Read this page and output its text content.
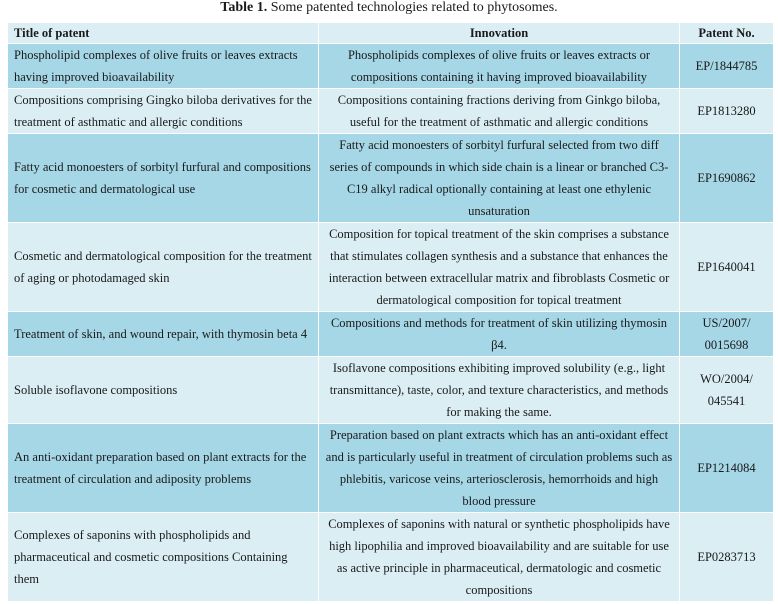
Table 1. Some patented technologies related to phytosomes.
Title of patent	Innovation	Patent No.
Phospholipid complexes of olive fruits or leaves extracts having improved bioavailability	Phospholipids complexes of olive fruits or leaves extracts or compositions containing it having improved bioavailability	EP/1844785
Compositions comprising Gingko biloba derivatives for the treatment of asthmatic and allergic conditions	Compositions containing fractions deriving from Ginkgo biloba, useful for the treatment of asthmatic and allergic conditions	EP1813280
Fatty acid monoesters of sorbityl furfural and compositions for cosmetic and dermatological use	Fatty acid monoesters of sorbityl furfural selected from two diff series of compounds in which side chain is a linear or branched C3-C19 alkyl radical optionally containing at least one ethylenic unsaturation	EP1690862
Cosmetic and dermatological composition for the treatment of aging or photodamaged skin	Composition for topical treatment of the skin comprises a substance that stimulates collagen synthesis and a substance that enhances the interaction between extracellular matrix and fibroblasts Cosmetic or dermatological composition for topical treatment	EP1640041
Treatment of skin, and wound repair, with thymosin beta 4	Compositions and methods for treatment of skin utilizing thymosin β4.	US/2007/ 0015698
Soluble isoflavone compositions	Isoflavone compositions exhibiting improved solubility (e.g., light transmittance), taste, color, and texture characteristics, and methods for making the same.	WO/2004/ 045541
An anti-oxidant preparation based on plant extracts for the treatment of circulation and adiposity problems	Preparation based on plant extracts which has an anti-oxidant effect and is particularly useful in treatment of circulation problems such as phlebitis, varicose veins, arteriosclerosis, hemorrhoids and high blood pressure	EP1214084
Complexes of saponins with phospholipids and pharmaceutical and cosmetic compositions Containing them	Complexes of saponins with natural or synthetic phospholipids have high lipophilia and improved bioavailability and are suitable for use as active principle in pharmaceutical, dermatologic and cosmetic compositions	EP0283713
